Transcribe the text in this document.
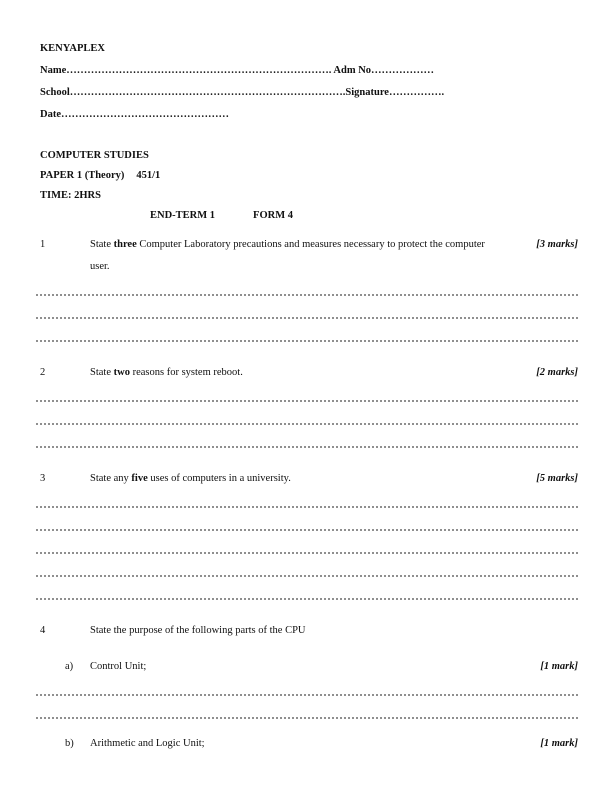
KENYAPLEX
Name…………………………………………………………………. Adm No………………
School…………………………………………………………………….Signature…………….
Date…………………………………………
COMPUTER STUDIES
PAPER 1 (Theory) 451/1
TIME: 2HRS
END-TERM 1	FORM 4
1	State three Computer Laboratory precautions and measures necessary to protect the computer user.
[3 marks]
2	State two reasons for system reboot.	[2 marks]
3	State any five uses of computers in a university.	[5 marks]
4	State the purpose of the following parts of the CPU
a)	Control Unit;	[1 mark]
b)	Arithmetic and Logic Unit;	[1 mark]
